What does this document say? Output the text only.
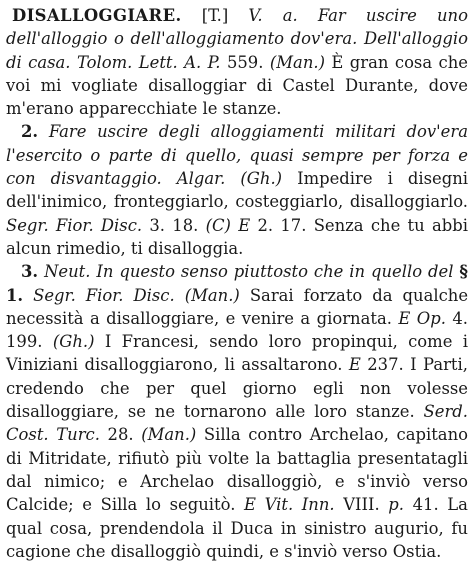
DISALLOGGIARE. [T.] V. a. Far uscire uno dell'alloggio o dell'alloggiamento dov'era. Dell'alloggio di casa. Tolom. Lett. A. P. 559. (Man.) È gran cosa che voi mi vogliate disalloggiar di Castel Durante, dove m'erano apparecchiate le stanze.

2. Fare uscire degli alloggiamenti militari dov'era l'esercito o parte di quello, quasi sempre per forza e con disvantaggio. Algar. (Gh.) Impedire i disegni dell'inimico, fronteggiarlo, costeggiarlo, disalloggiarlo. Segr. Fior. Disc. 3. 18. (C) E 2. 17. Senza che tu abbi alcun rimedio, ti disalloggia.

3. Neut. In questo senso piuttosto che in quello del § 1. Segr. Fior. Disc. (Man.) Sarai forzato da qualche necessità a disalloggiare, e venire a giornata. E Op. 4. 199. (Gh.) I Francesi, sendo loro propinqui, come i Viniziani disalloggiarono, li assaltarono. E 237. I Parti, credendo che per quel giorno egli non volesse disalloggiare, se ne tornarono alle loro stanze. Serd. Cost. Turc. 28. (Man.) Silla contro Archelao, capitano di Mitridate, rifiutò più volte la battaglia presentatagli dal nimico; e Archelao disalloggiò, e s'inviò verso Calcide; e Silla lo seguitò. E Vit. Inn. VIII. p. 41. La qual cosa, prendendola il Duca in sinistro augurio, fu cagione che disalloggiò quindi, e s'inviò verso Ostia.
